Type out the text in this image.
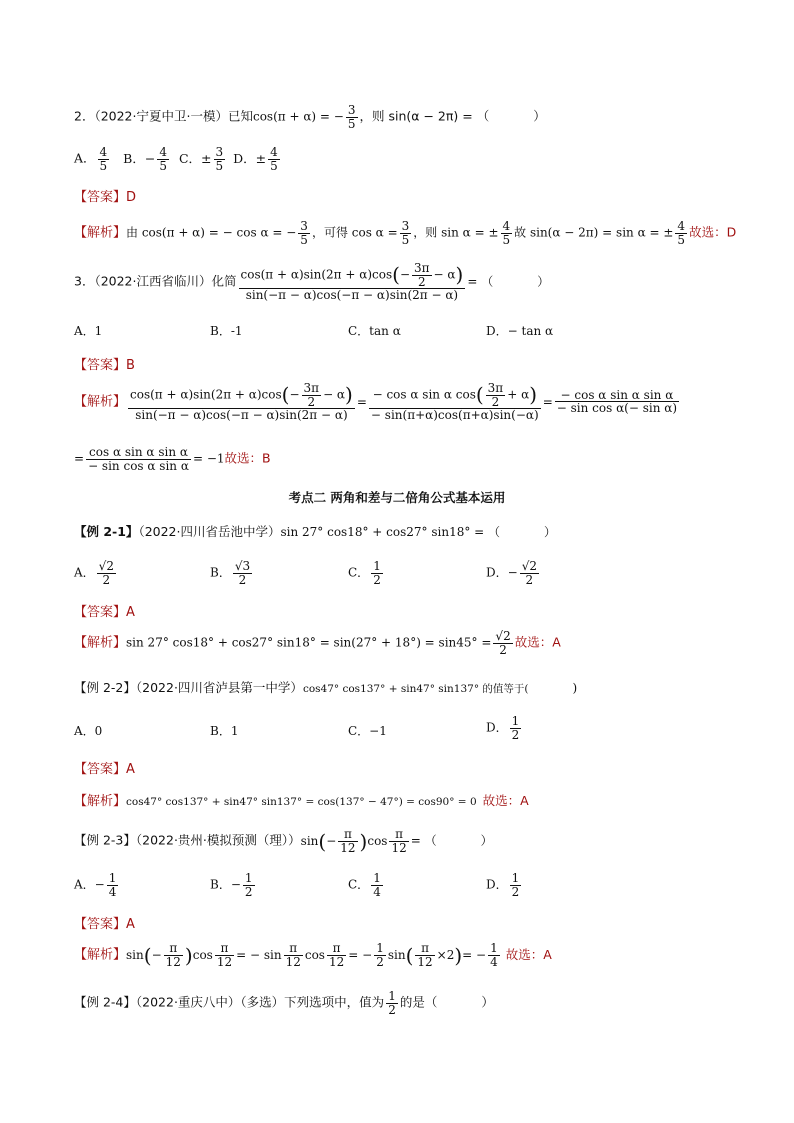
2．（2022·宁夏中卫·一模）已知cos(π + α) = − $\frac{3}{5}$ ，则 sin(α − 2π) = （	）
A． $\frac{4}{5}$ B．− $\frac{4}{5}$ C．± $\frac{3}{5}$ D．± $\frac{4}{5}$
【答案】D
【解析】由 cos(π + α) = − cos α = − $\frac{3}{5}$ ，可得 $\cos \alpha = \frac{3}{5}$ ，则 sin α = ± $\frac{4}{5}$ 故 sin(α − 2π) = sin α = ± $\frac{4}{5}$ 故选：D
3．（2022·江西省临川）化简 $\frac{\cos(\pi + \alpha)\sin(2\pi + \alpha)\cos(- \frac{3\pi}{2} - \alpha)}{\sin(-\pi - \alpha)\cos(-\pi - \alpha)\sin(2\pi - \alpha)}$ = （	）
A．1	B．-1	C．tan α	D．− tan α
【答案】B
【解析】 $\frac{\cos(\pi + \alpha)\sin(2\pi + \alpha)\cos(- \frac{3\pi}{2} - \alpha)}{\sin(-\pi - \alpha)\cos(-\pi - \alpha)\sin(2\pi - \alpha)} = \frac{- \cos \alpha \sin \alpha \cos( \frac{3\pi}{2} + \alpha)}{- \sin(\pi+\alpha)\cos(\pi+\alpha)\sin(-\alpha)} = \frac{\text{− cos α sin α sin α}}{\text{− sin cos α(− sin α)}}$
= $\frac{\text{cos α sin α sin α}}{\text{− sin cos α sin α}} = -1$故选：B
考点二 两角和差与二倍角公式基本运用
【例 2-1】（2022·四川省岳池中学）sin 27° cos18° + cos27° sin18° = （	）
A． $\frac{√2}{2}$	B． $\frac{√3}{2}$	C． $\frac{1}{2}$	D．− $\frac{√2}{2}$
【答案】A
【解析】sin 27° cos18° + cos27° $\sin 18^\circ = \sin(27^\circ + 18^\circ) = \sin 45^\circ = \frac{√2}{2}$ 故选：A
【例 2-2】（2022·四川省泸县第一中学）cos47° cos137° + sin47° sin137° 的值等于(	)
A．0	B．1	C．−1	D． $\frac{1}{2}$
【答案】A
【解析】cos47° cos137° + sin47° sin137° = cos(137° − 47°) = cos90° = 0 故选：A
【例 2-3】（2022·贵州·模拟预测（理））$\sin(- \frac{\pi}{12} )\cos \frac{\pi}{12}$ = （	）
A．− $\frac{1}{4}$	B．− $\frac{1}{2}$	C． $\frac{1}{4}$	D． $\frac{1}{2}$
【答案】A
【解析】$\sin(- \frac{\pi}{12} )\cos \frac{\pi}{12}$ = − $\sin \frac{\pi}{12}$ $\cos \frac{\pi}{12}$ = − $\frac{1}{2} \sin( \frac{\pi}{12} \times 2)= - \frac{1}{4}$ 故选：A
【例 2-4】（2022·重庆八中）（多选）下列选项中，值为 $\frac{1}{2}$ 的是（	）
